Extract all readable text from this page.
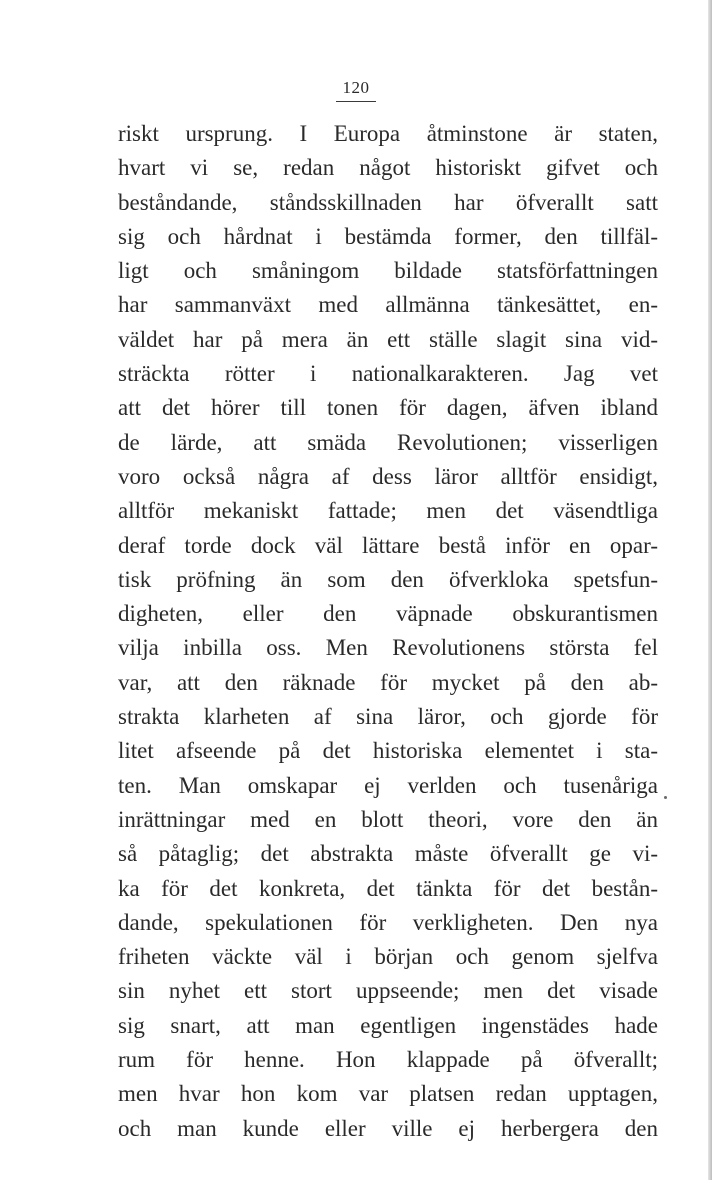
120
riskt ursprung. I Europa åtminstone är staten,
hvart vi se, redan något historiskt gifvet och
beståndande, ståndsskillnaden har öfverallt satt
sig och hårdnat i bestämda former, den tillfäl-
ligt och småningom bildade statsförfattningen
har sammanväxt med allmänna tänkesättet, en-
väldet har på mera än ett ställe slagit sina vid-
sträckta rötter i nationalkarakteren. Jag vet
att det hörer till tonen för dagen, äfven ibland
de lärde, att smäda Revolutionen; visserligen
voro också några af dess läror alltför ensidigt,
alltför mekaniskt fattade; men det väsendtliga
deraf torde dock väl lättare bestå inför en opar-
tisk pröfning än som den öfverkloka spetsfun-
digheten, eller den väpnade obskurantismen
vilja inbilla oss. Men Revolutionens största fel
var, att den räknade för mycket på den ab-
strakta klarheten af sina läror, och gjorde för
litet afseende på det historiska elementet i sta-
ten. Man omskapar ej verlden och tusenåriga
inrättningar med en blott theori, vore den än
så påtaglig; det abstrakta måste öfverallt ge vi-
ka för det konkreta, det tänkta för det bestån-
dande, spekulationen för verkligheten. Den nya
friheten väckte väl i början och genom sjelfva
sin nyhet ett stort uppseende; men det visade
sig snart, att man egentligen ingenstädes hade
rum för henne. Hon klappade på öfverallt;
men hvar hon kom var platsen redan upptagen,
och man kunde eller ville ej herbergera den
